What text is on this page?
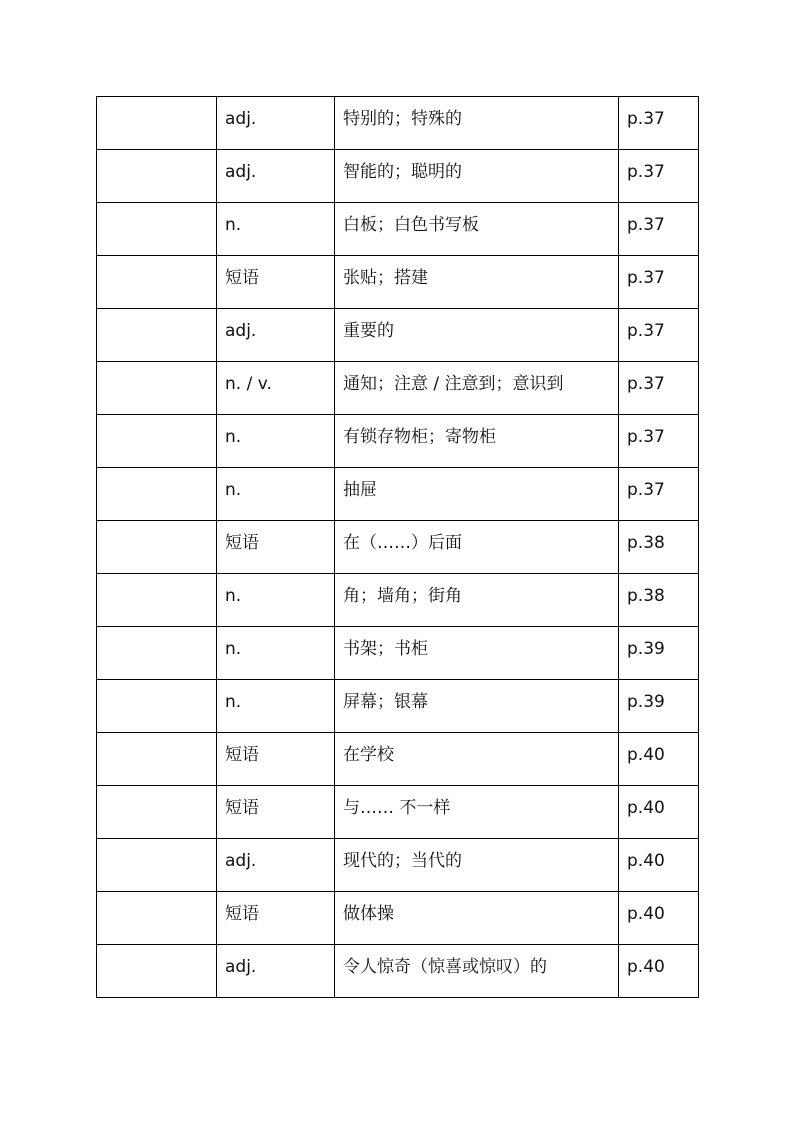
	adj.	特别的；特殊的	p.37
	adj.	智能的；聪明的	p.37
	n.	白板；白色书写板	p.37
	短语	张贴；搭建	p.37
	adj.	重要的	p.37
	n. / v.	通知；注意 / 注意到；意识到	p.37
	n.	有锁存物柜；寄物柜	p.37
	n.	抽屉	p.37
	短语	在（……）后面	p.38
	n.	角；墙角；街角	p.38
	n.	书架；书柜	p.39
	n.	屏幕；银幕	p.39
	短语	在学校	p.40
	短语	与…… 不一样	p.40
	adj.	现代的；当代的	p.40
	短语	做体操	p.40
	adj.	令人惊奇（惊喜或惊叹）的	p.40
